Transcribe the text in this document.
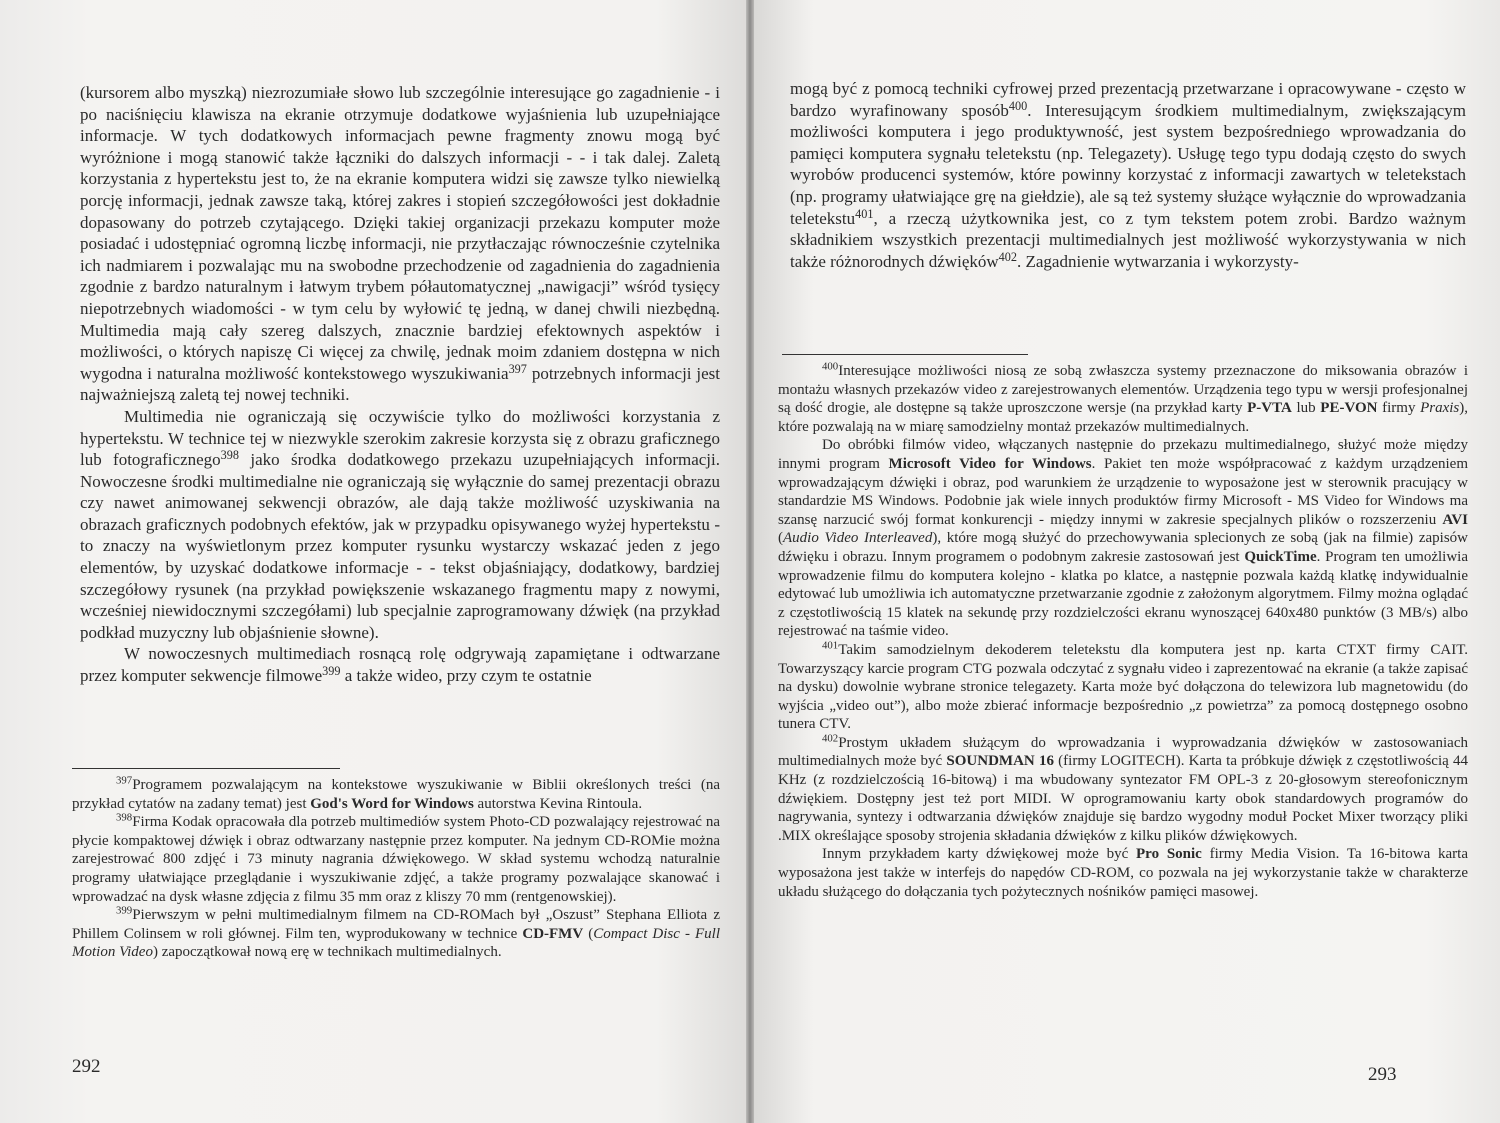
(kursorem albo myszką) niezrozumiałe słowo lub szczególnie interesujące go zagadnienie - i po naciśnięciu klawisza na ekranie otrzymuje dodatkowe wyjaśnienia lub uzupełniające informacje. W tych dodatkowych informacjach pewne fragmenty znowu mogą być wyróżnione i mogą stanowić także łączniki do dalszych informacji - - i tak dalej. Zaletą korzystania z hypertekstu jest to, że na ekranie komputera widzi się zawsze tylko niewielką porcję informacji, jednak zawsze taką, której zakres i stopień szczegółowości jest dokładnie dopasowany do potrzeb czytającego. Dzięki takiej organizacji przekazu komputer może posiadać i udostępniać ogromną liczbę informacji, nie przytłaczając równocześnie czytelnika ich nadmiarem i pozwalając mu na swobodne przechodzenie od zagadnienia do zagadnienia zgodnie z bardzo naturalnym i łatwym trybem półautomatycznej „nawigacji” wśród tysięcy niepotrzebnych wiadomości - w tym celu by wyłowić tę jedną, w danej chwili niezbędną. Multimedia mają cały szereg dalszych, znacznie bardziej efektownych aspektów i możliwości, o których napiszę Ci więcej za chwilę, jednak moim zdaniem dostępna w nich wygodna i naturalna możliwość kontekstowego wyszukiwania$^{397}$ potrzebnych informacji jest najważniejszą zaletą tej nowej techniki.

Multimedia nie ograniczają się oczywiście tylko do możliwości korzystania z hypertekstu. W technice tej w niezwykle szerokim zakresie korzysta się z obrazu graficznego lub fotograficznego$^{398}$ jako środka dodatkowego przekazu uzupełniających informacji. Nowoczesne środki multimedialne nie ograniczają się wyłącznie do samej prezentacji obrazu czy nawet animowanej sekwencji obrazów, ale dają także możliwość uzyskiwania na obrazach graficznych podobnych efektów, jak w przypadku opisywanego wyżej hypertekstu - to znaczy na wyświetlonym przez komputer rysunku wystarczy wskazać jeden z jego elementów, by uzyskać dodatkowe informacje - - tekst objaśniający, dodatkowy, bardziej szczegółowy rysunek (na przykład powiększenie wskazanego fragmentu mapy z nowymi, wcześniej niewidocznymi szczegółami) lub specjalnie zaprogramowany dźwięk (na przykład podkład muzyczny lub objaśnienie słowne).

W nowoczesnych multimediach rosnącą rolę odgrywają zapamiętane i odtwarzane przez komputer sekwencje filmowe$^{399}$ a także wideo, przy czym te ostatnie

$^{397}$Programem pozwalającym na kontekstowe wyszukiwanie w Biblii określonych treści (na przykład cytatów na zadany temat) jest God's Word for Windows autorstwa Kevina Rintoula.

$^{398}$Firma Kodak opracowała dla potrzeb multimediów system Photo-CD pozwalający rejestrować na płycie kompaktowej dźwięk i obraz odtwarzany następnie przez komputer. Na jednym CD-ROMie można zarejestrować 800 zdjęć i 73 minuty nagrania dźwiękowego. W skład systemu wchodzą naturalnie programy ułatwiające przeglądanie i wyszukiwanie zdjęć, a także programy pozwalające skanować i wprowadzać na dysk własne zdjęcia z filmu 35 mm oraz z kliszy 70 mm (rentgenowskiej).

$^{399}$Pierwszym w pełni multimedialnym filmem na CD-ROMach był „Oszust” Stephana Elliota z Phillem Colinsem w roli głównej. Film ten, wyprodukowany w technice CD-FMV (Compact Disc - Full Motion Video) zapoczątkował nową erę w technikach multimedialnych.

292

mogą być z pomocą techniki cyfrowej przed prezentacją przetwarzane i opracowywane - często w bardzo wyrafinowany sposób$^{400}$. Interesującym środkiem multimedialnym, zwiększającym możliwości komputera i jego produktywność, jest system bezpośredniego wprowadzania do pamięci komputera sygnału teletekstu (np. Telegazety). Usługę tego typu dodają często do swych wyrobów producenci systemów, które powinny korzystać z informacji zawartych w teletekstach (np. programy ułatwiające grę na giełdzie), ale są też systemy służące wyłącznie do wprowadzania teletekstu$^{401}$, a rzeczą użytkownika jest, co z tym tekstem potem zrobi. Bardzo ważnym składnikiem wszystkich prezentacji multimedialnych jest możliwość wykorzystywania w nich także różnorodnych dźwięków$^{402}$. Zagadnienie wytwarzania i wykorzysty-

$^{400}$Interesujące możliwości niosą ze sobą zwłaszcza systemy przeznaczone do miksowania obrazów i montażu własnych przekazów video z zarejestrowanych elementów. Urządzenia tego typu w wersji profesjonalnej są dość drogie, ale dostępne są także uproszczone wersje (na przykład karty P-VTA lub PE-VON firmy Praxis), które pozwalają na w miarę samodzielny montaż przekazów multimedialnych.

Do obróbki filmów video, włączanych następnie do przekazu multimedialnego, służyć może między innymi program Microsoft Video for Windows. Pakiet ten może współpracować z każdym urządzeniem wprowadzającym dźwięki i obraz, pod warunkiem że urządzenie to wyposażone jest w sterownik pracujący w standardzie MS Windows. Podobnie jak wiele innych produktów firmy Microsoft - MS Video for Windows ma szansę narzucić swój format konkurencji - między innymi w zakresie specjalnych plików o rozszerzeniu AVI (Audio Video Interleaved), które mogą służyć do przechowywania splecionych ze sobą (jak na filmie) zapisów dźwięku i obrazu. Innym programem o podobnym zakresie zastosowań jest QuickTime. Program ten umożliwia wprowadzenie filmu do komputera kolejno - klatka po klatce, a następnie pozwala każdą klatkę indywidualnie edytować lub umożliwia ich automatyczne przetwarzanie zgodnie z założonym algorytmem. Filmy można oglądać z częstotliwością 15 klatek na sekundę przy rozdzielczości ekranu wynoszącej 640x480 punktów (3 MB/s) albo rejestrować na taśmie video.

$^{401}$Takim samodzielnym dekoderem teletekstu dla komputera jest np. karta CTXT firmy CAIT. Towarzyszący karcie program CTG pozwala odczytać z sygnału video i zaprezentować na ekranie (a także zapisać na dysku) dowolnie wybrane stronice telegazety. Karta może być dołączona do telewizora lub magnetowidu (do wyjścia „video out”), albo może zbierać informacje bezpośrednio „z powietrza” za pomocą dostępnego osobno tunera CTV.

$^{402}$Prostym układem służącym do wprowadzania i wyprowadzania dźwięków w zastosowaniach multimedialnych może być SOUNDMAN 16 (firmy LOGITECH). Karta ta próbkuje dźwięk z częstotliwością 44 KHz (z rozdzielczością 16-bitową) i ma wbudowany syntezator FM OPL-3 z 20-głosowym stereofonicznym dźwiękiem. Dostępny jest też port MIDI. W oprogramowaniu karty obok standardowych programów do nagrywania, syntezy i odtwarzania dźwięków znajduje się bardzo wygodny moduł Pocket Mixer tworzący pliki .MIX określające sposoby strojenia składania dźwięków z kilku plików dźwiękowych.

Innym przykładem karty dźwiękowej może być Pro Sonic firmy Media Vision. Ta 16-bitowa karta wyposażona jest także w interfejs do napędów CD-ROM, co pozwala na jej wykorzystanie także w charakterze układu służącego do dołączania tych pożytecznych nośników pamięci masowej.

293
